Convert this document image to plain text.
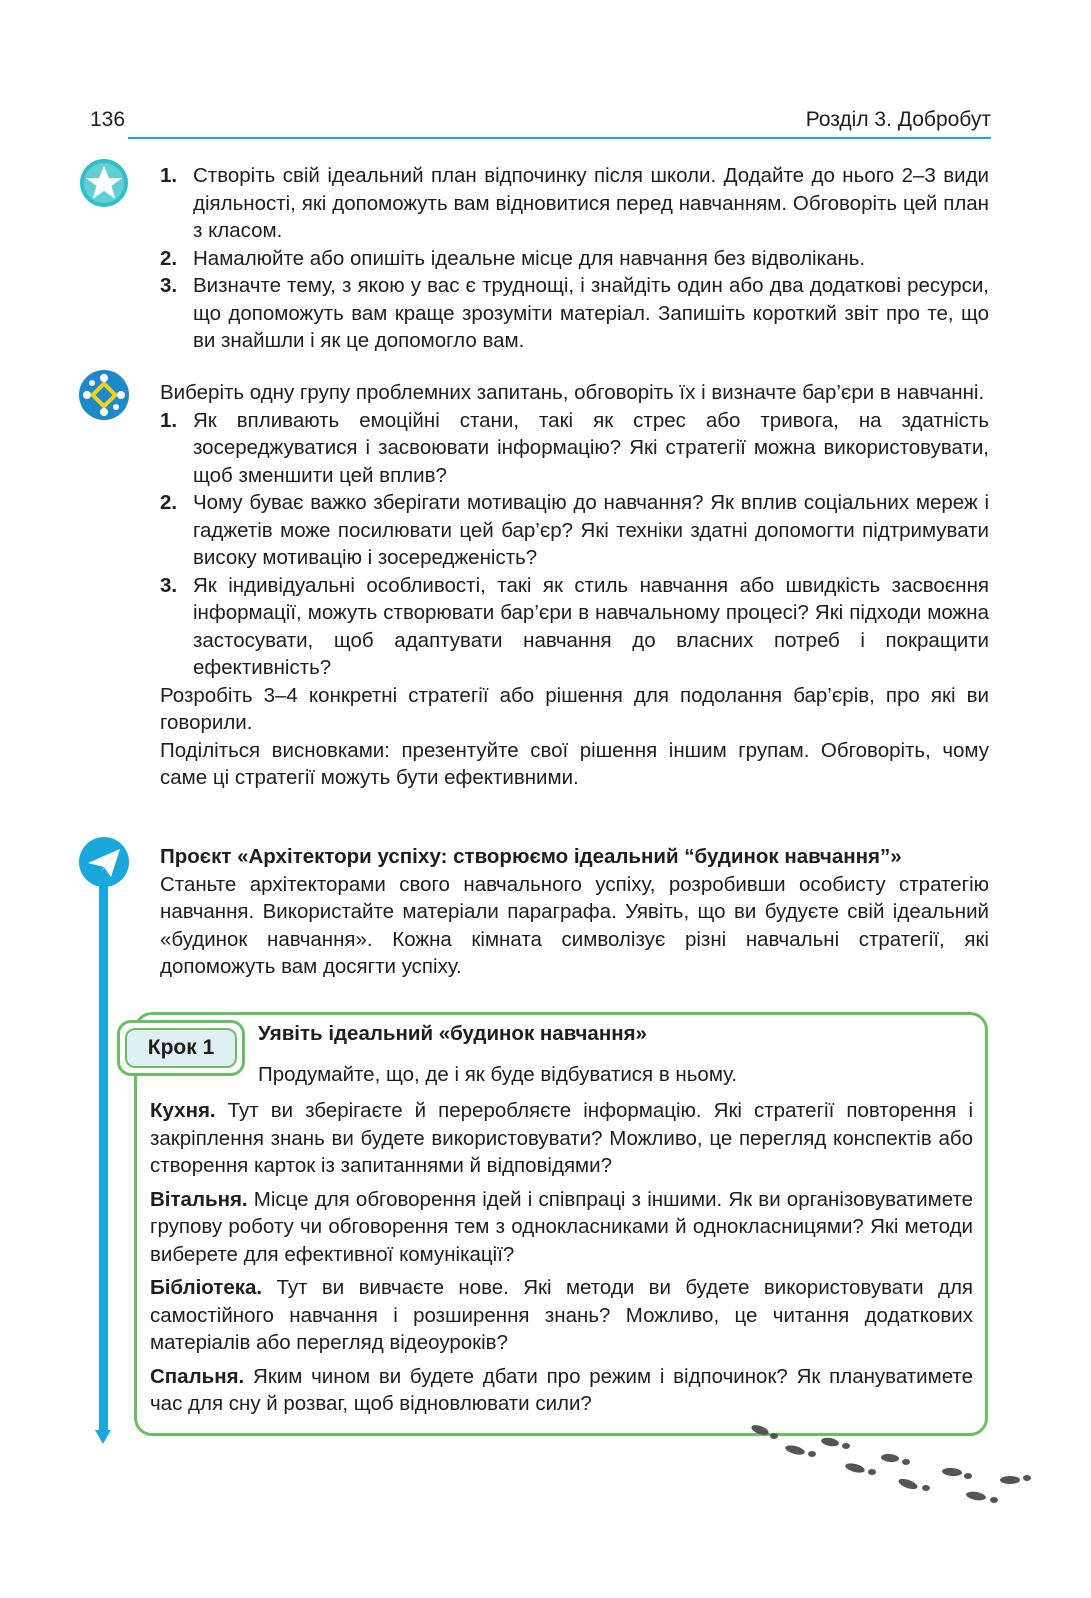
136	Розділ 3. Добробут
1. Створіть свій ідеальний план відпочинку після школи. Додайте до нього 2–3 види діяльності, які допоможуть вам відновитися перед навчанням. Обговоріть цей план з класом.
2. Намалюйте або опишіть ідеальне місце для навчання без відволікань.
3. Визначте тему, з якою у вас є труднощі, і знайдіть один або два додаткові ресурси, що допоможуть вам краще зрозуміти матеріал. Запишіть короткий звіт про те, що ви знайшли і як це допомогло вам.

Виберіть одну групу проблемних запитань, обговоріть їх і визначте бар’єри в навчанні.

1. Як впливають емоційні стани, такі як стрес або тривога, на здатність зосереджуватися і засвоювати інформацію? Які стратегії можна використовувати, щоб зменшити цей вплив?
2. Чому буває важко зберігати мотивацію до навчання? Як вплив соціальних мереж і гаджетів може посилювати цей бар’єр? Які техніки здатні допомогти підтримувати високу мотивацію і зосередженість?
3. Як індивідуальні особливості, такі як стиль навчання або швидкість засвоєння інформації, можуть створювати бар’єри в навчальному процесі? Які підходи можна застосувати, щоб адаптувати навчання до власних потреб і покращити ефективність?

Розробіть 3–4 конкретні стратегії або рішення для подолання бар’єрів, про які ви говорили.

Поділіться висновками: презентуйте свої рішення іншим групам. Обговоріть, чому саме ці стратегії можуть бути ефективними.

Проєкт «Архітектори успіху: створюємо ідеальний “будинок навчання”»

Станьте архітекторами свого навчального успіху, розробивши особисту стратегію навчання. Використайте матеріали параграфа. Уявіть, що ви будуєте свій ідеальний «будинок навчання». Кожна кімната символізує різні навчальні стратегії, які допоможуть вам досягти успіху.

Крок 1
Уявіть ідеальний «будинок навчання»
Продумайте, що, де і як буде відбуватися в ньому.

Кухня. Тут ви зберігаєте й переробляєте інформацію. Які стратегії повторення і закріплення знань ви будете використовувати? Можливо, це перегляд конспектів або створення карток із запитаннями й відповідями?

Вітальня. Місце для обговорення ідей і співпраці з іншими. Як ви організовуватимете групову роботу чи обговорення тем з однокласниками й однокласницями? Які методи виберете для ефективної комунікації?

Бібліотека. Тут ви вивчаєте нове. Які методи ви будете використовувати для самостійного навчання і розширення знань? Можливо, це читання додаткових матеріалів або перегляд відеоуроків?

Спальня. Яким чином ви будете дбати про режим і відпочинок? Як плануватимете час для сну й розваг, щоб відновлювати сили?
